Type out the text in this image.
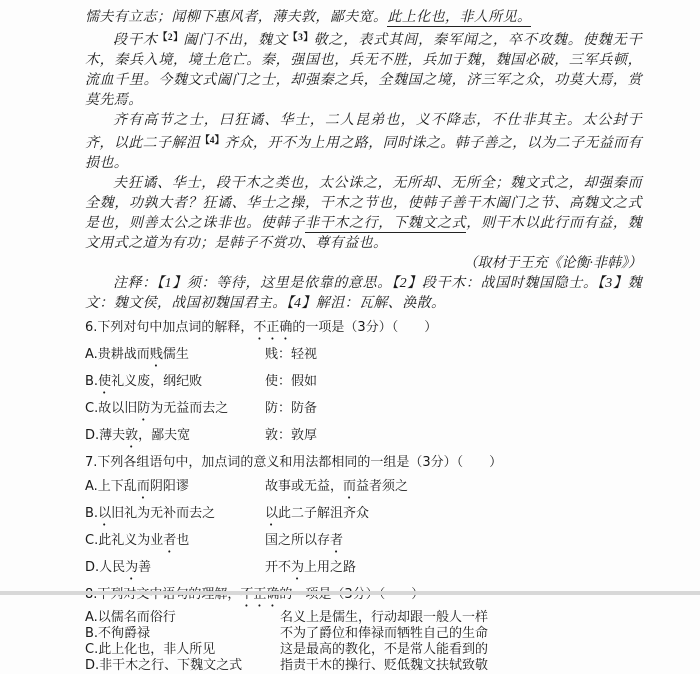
懦夫有立志；闻柳下惠风者，薄夫敦，鄙夫宽。此上化也，非人所见。

段干木$^{【2】}$阖门不出，魏文$^{【3】}$敬之，表式其闾，秦军闻之，卒不攻魏。使魏无干木，秦兵入境，境土危亡。秦，强国也，兵无不胜，兵加于魏，魏国必破，三军兵顿，流血千里。今魏文式阖门之士，却强秦之兵，全魏国之境，济三军之众，功莫大焉，赏莫先焉。

齐有高节之士，曰狂谲、华士，二人昆弟也，义不降志，不仕非其主。太公封于齐，以此二子解沮$^{【4】}$齐众，开不为上用之路，同时诛之。韩子善之，以为二子无益而有损也。

夫狂谲、华士，段干木之类也，太公诛之，无所却、无所全；魏文式之，却强秦而全魏，功孰大者？狂谲、华士之操，干木之节也，使韩子善干木阖门之节、高魏文之式是也，则善太公之诛非也。使韩子非干木之行，下魏文之式，则干木以此行而有益，魏文用式之道为有功；是韩子不赏功、尊有益也。

（取材于王充《论衡·非韩》）

注释：【1】须：等待，这里是依靠的意思。【2】段干木：战国时魏国隐士。【3】魏文：魏文侯，战国初魏国君主。【4】解沮：瓦解、涣散。

6.下列对句中加点词的解释，不正确的一项是（3分）（　　）

A.贵耕战而贱儒生	贱：轻视
B.使礼义废，纲纪败	使：假如
C.故以旧防为无益而去之	防：防备
D.薄夫敦，鄙夫宽	敦：敦厚

7.下列各组语句中，加点词的意义和用法都相同的一组是（3分）（　　）

A.上下乱而阴阳谬	故事或无益，而益者须之
B.以旧礼为无补而去之	以此二子解沮齐众
C.此礼义为业者也	国之所以存者
D.人民为善	开不为上用之路

A.以儒名而俗行	名义上是儒生，行动却跟一般人一样
B.不徇爵禄	不为了爵位和俸禄而牺牲自己的生命
C.此上化也，非人所见	这是最高的教化，不是常人能看到的
D.非干木之行、下魏文之式	指责干木的操行、贬低魏文扶轼致敬
